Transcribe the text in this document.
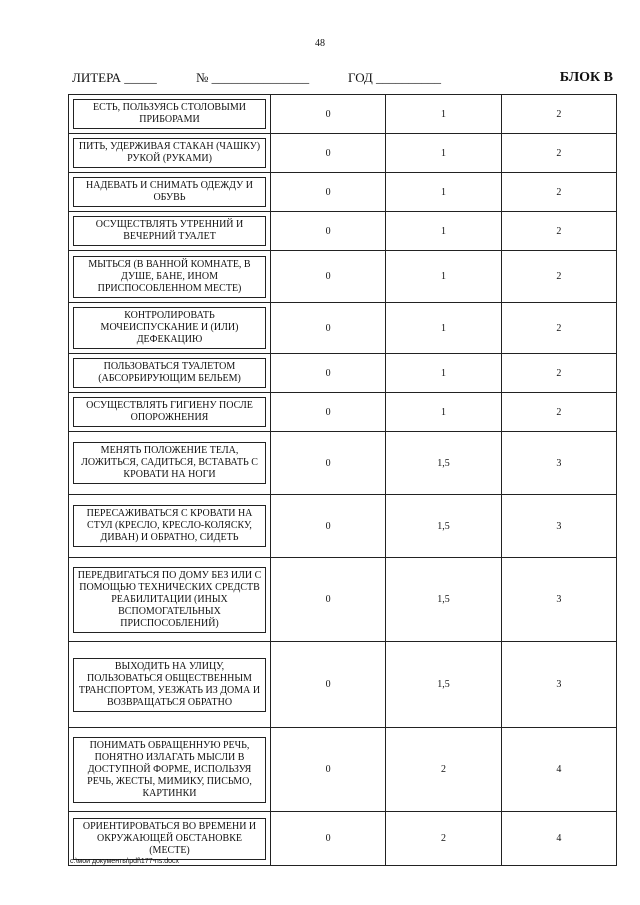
48
ЛИТЕРА _____	№ _______________	ГОД __________	БЛОК В
ЕСТЬ, ПОЛЬЗУЯСЬ СТОЛОВЫМИ ПРИБОРАМИ	0	1	2

ПИТЬ, УДЕРЖИВАЯ СТАКАН (ЧАШКУ) РУКОЙ (РУКАМИ)	0	1	2

НАДЕВАТЬ И СНИМАТЬ ОДЕЖДУ И ОБУВЬ	0	1	2

ОСУЩЕСТВЛЯТЬ УТРЕННИЙ И ВЕЧЕРНИЙ ТУАЛЕТ	0	1	2

МЫТЬСЯ (В ВАННОЙ КОМНАТЕ, В ДУШЕ, БАНЕ, ИНОМ ПРИСПОСОБЛЕННОМ МЕСТЕ)	0	1	2

КОНТРОЛИРОВАТЬ МОЧЕИСПУСКАНИЕ И (ИЛИ) ДЕФЕКАЦИЮ	0	1	2

ПОЛЬЗОВАТЬСЯ ТУАЛЕТОМ (АБСОРБИРУЮЩИМ БЕЛЬЕМ)	0	1	2

ОСУЩЕСТВЛЯТЬ ГИГИЕНУ ПОСЛЕ ОПОРОЖНЕНИЯ	0	1	2

МЕНЯТЬ ПОЛОЖЕНИЕ ТЕЛА, ЛОЖИТЬСЯ, САДИТЬСЯ, ВСТАВАТЬ С КРОВАТИ НА НОГИ	0	1,5	3

ПЕРЕСАЖИВАТЬСЯ С КРОВАТИ НА СТУЛ (КРЕСЛО, КРЕСЛО-КОЛЯСКУ, ДИВАН) И ОБРАТНО, СИДЕТЬ	0	1,5	3

ПЕРЕДВИГАТЬСЯ ПО ДОМУ БЕЗ ИЛИ С ПОМОЩЬЮ ТЕХНИЧЕСКИХ СРЕДСТВ РЕАБИЛИТАЦИИ (ИНЫХ ВСПОМОГАТЕЛЬНЫХ ПРИСПОСОБЛЕНИЙ)	0	1,5	3

ВЫХОДИТЬ НА УЛИЦУ, ПОЛЬЗОВАТЬСЯ ОБЩЕСТВЕННЫМ ТРАНСПОРТОМ, УЕЗЖАТЬ ИЗ ДОМА И ВОЗВРАЩАТЬСЯ ОБРАТНО	0	1,5	3

ПОНИМАТЬ ОБРАЩЕННУЮ РЕЧЬ, ПОНЯТНО ИЗЛАГАТЬ МЫСЛИ В ДОСТУПНОЙ ФОРМЕ, ИСПОЛЬЗУЯ РЕЧЬ, ЖЕСТЫ, МИМИКУ, ПИСЬМО, КАРТИНКИ	0	2	4

ОРИЕНТИРОВАТЬСЯ ВО ВРЕМЕНИ И ОКРУЖАЮЩЕЙ ОБСТАНОВКЕ (МЕСТЕ)	0	2	4
c:\мои документы\pdf\177-ns.docx
